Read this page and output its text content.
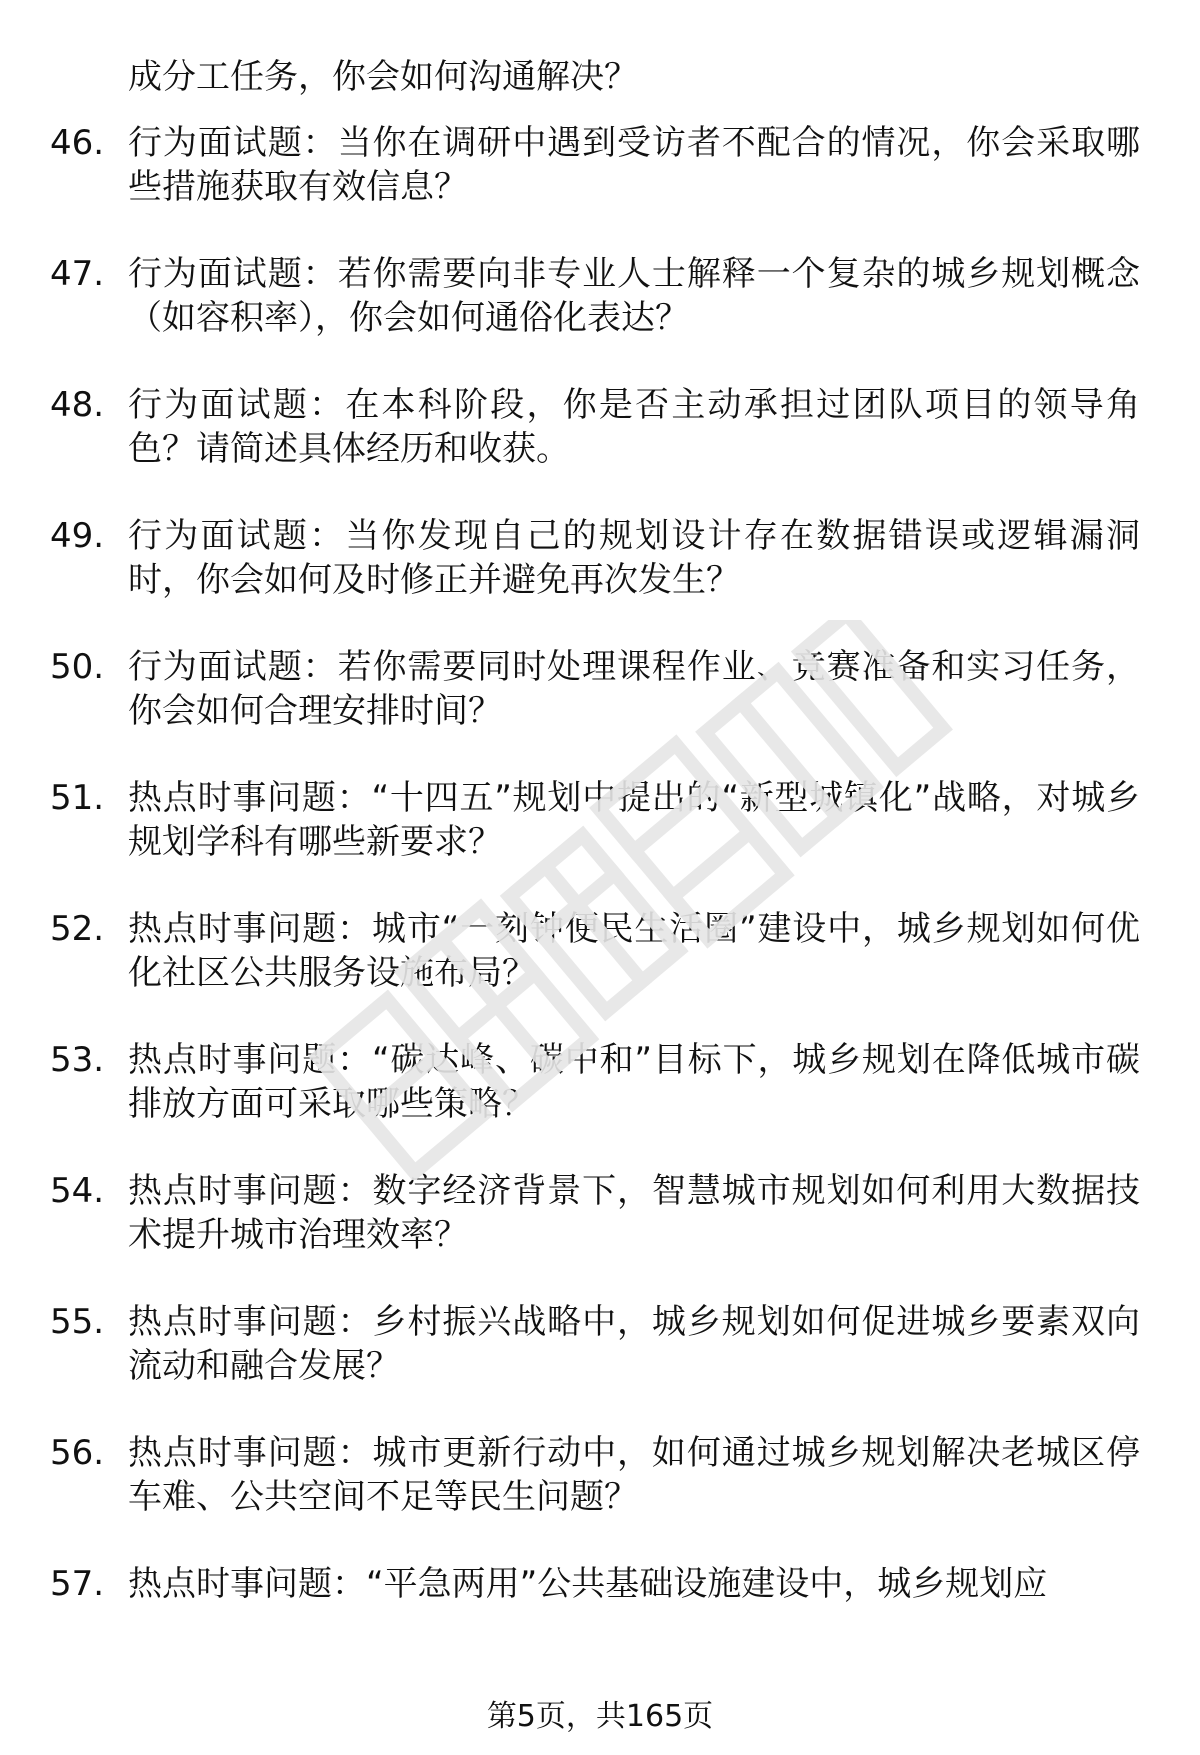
成分工任务，你会如何沟通解决？
46. 行为面试题：当你在调研中遇到受访者不配合的情况，你会采取哪些措施获取有效信息？
47. 行为面试题：若你需要向非专业人士解释一个复杂的城乡规划概念（如容积率），你会如何通俗化表达？
48. 行为面试题：在本科阶段，你是否主动承担过团队项目的领导角色？请简述具体经历和收获。
49. 行为面试题：当你发现自己的规划设计存在数据错误或逻辑漏洞时，你会如何及时修正并避免再次发生？
50. 行为面试题：若你需要同时处理课程作业、竞赛准备和实习任务，你会如何合理安排时间？
51. 热点时事问题：“十四五”规划中提出的“新型城镇化”战略，对城乡规划学科有哪些新要求？
52. 热点时事问题：城市“一刻钟便民生活圈”建设中，城乡规划如何优化社区公共服务设施布局？
53. 热点时事问题：“碳达峰、碳中和”目标下，城乡规划在降低城市碳排放方面可采取哪些策略？
54. 热点时事问题：数字经济背景下，智慧城市规划如何利用大数据技术提升城市治理效率？
55. 热点时事问题：乡村振兴战略中，城乡规划如何促进城乡要素双向流动和融合发展？
56. 热点时事问题：城市更新行动中，如何通过城乡规划解决老城区停车难、公共空间不足等民生问题？
57. 热点时事问题：“平急两用”公共基础设施建设中，城乡规划应
第5页，共165页
